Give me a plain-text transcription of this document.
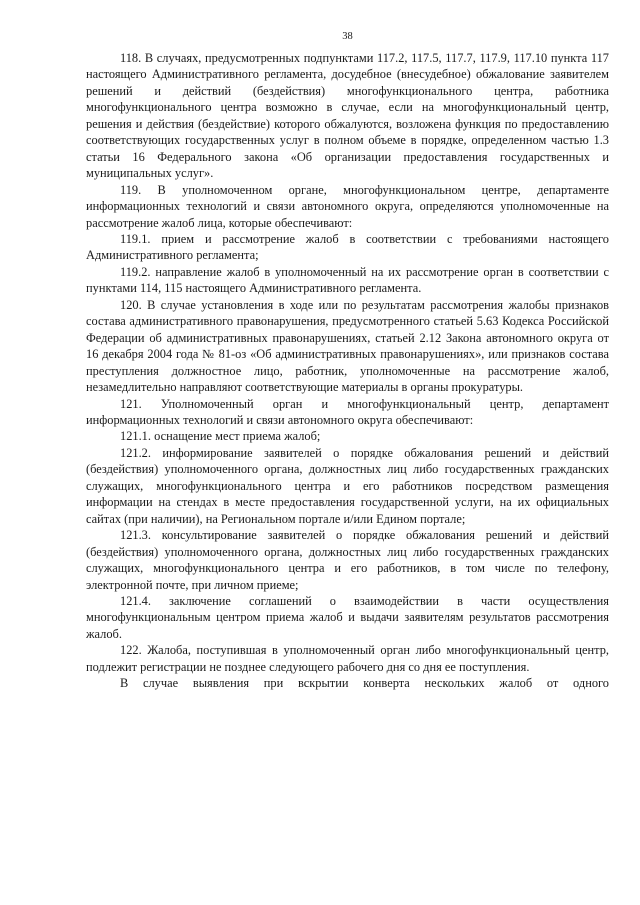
38

118. В случаях, предусмотренных подпунктами 117.2, 117.5, 117.7, 117.9, 117.10 пункта 117 настоящего Административного регламента, досудебное (внесудебное) обжалование заявителем решений и действий (бездействия) многофункционального центра, работника многофункционального центра возможно в случае, если на многофункциональный центр, решения и действия (бездействие) которого обжалуются, возложена функция по предоставлению соответствующих государственных услуг в полном объеме в порядке, определенном частью 1.3 статьи 16 Федерального закона «Об организации предоставления государственных и муниципальных услуг».

119. В уполномоченном органе, многофункциональном центре, департаменте информационных технологий и связи автономного округа, определяются уполномоченные на рассмотрение жалоб лица, которые обеспечивают:

119.1. прием и рассмотрение жалоб в соответствии с требованиями настоящего Административного регламента;

119.2. направление жалоб в уполномоченный на их рассмотрение орган в соответствии с пунктами 114, 115 настоящего Административного регламента.

120. В случае установления в ходе или по результатам рассмотрения жалобы признаков состава административного правонарушения, предусмотренного статьей 5.63 Кодекса Российской Федерации об административных правонарушениях, статьей 2.12 Закона автономного округа от 16 декабря 2004 года № 81-оз «Об административных правонарушениях», или признаков состава преступления должностное лицо, работник, уполномоченные на рассмотрение жалоб, незамедлительно направляют соответствующие материалы в органы прокуратуры.

121. Уполномоченный орган и многофункциональный центр, департамент информационных технологий и связи автономного округа обеспечивают:

121.1. оснащение мест приема жалоб;

121.2. информирование заявителей о порядке обжалования решений и действий (бездействия) уполномоченного органа, должностных лиц либо государственных гражданских служащих, многофункционального центра и его работников посредством размещения информации на стендах в месте предоставления государственной услуги, на их официальных сайтах (при наличии), на Региональном портале и/или Едином портале;

121.3. консультирование заявителей о порядке обжалования решений и действий (бездействия) уполномоченного органа, должностных лиц либо государственных гражданских служащих, многофункционального центра и его работников, в том числе по телефону, электронной почте, при личном приеме;

121.4. заключение соглашений о взаимодействии в части осуществления многофункциональным центром приема жалоб и выдачи заявителям результатов рассмотрения жалоб.

122. Жалоба, поступившая в уполномоченный орган либо многофункциональный центр, подлежит регистрации не позднее следующего рабочего дня со дня ее поступления.

В случае выявления при вскрытии конверта нескольких жалоб от одного
